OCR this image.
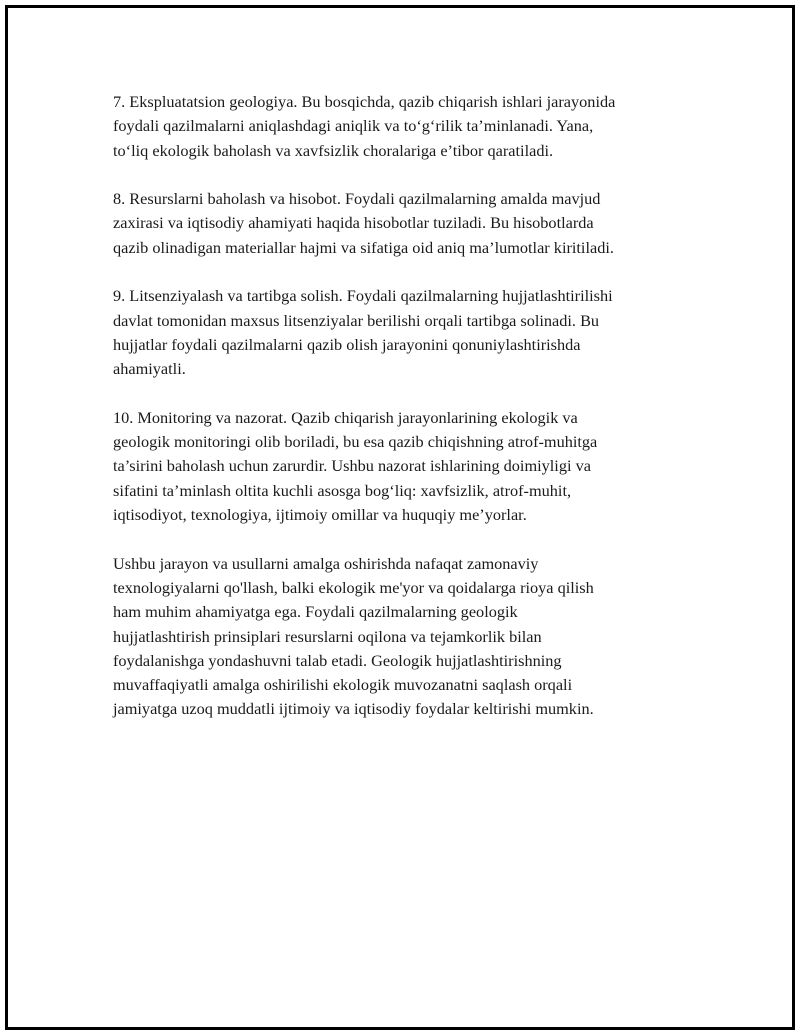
7. Ekspluatatsion geologiya. Bu bosqichda, qazib chiqarish ishlari jarayonida
foydali qazilmalarni aniqlashdagi aniqlik va to‘g‘rilik ta’minlanadi. Yana,
to‘liq ekologik baholash va xavfsizlik choralariga e’tibor qaratiladi.

8. Resurslarni baholash va hisobot. Foydali qazilmalarning amalda mavjud
zaxirasi va iqtisodiy ahamiyati haqida hisobotlar tuziladi. Bu hisobotlarda
qazib olinadigan materiallar hajmi va sifatiga oid aniq ma’lumotlar kiritiladi.

9. Litsenziyalash va tartibga solish. Foydali qazilmalarning hujjatlashtirilishi
davlat tomonidan maxsus litsenziyalar berilishi orqali tartibga solinadi. Bu
hujjatlar foydali qazilmalarni qazib olish jarayonini qonuniylashtirishda
ahamiyatli.

10. Monitoring va nazorat. Qazib chiqarish jarayonlarining ekologik va
geologik monitoringi olib boriladi, bu esa qazib chiqishning atrof-muhitga
ta’sirini baholash uchun zarurdir. Ushbu nazorat ishlarining doimiyligi va
sifatini ta’minlash oltita kuchli asosga bog‘liq: xavfsizlik, atrof-muhit,
iqtisodiyot, texnologiya, ijtimoiy omillar va huquqiy me’yorlar.

Ushbu jarayon va usullarni amalga oshirishda nafaqat zamonaviy
texnologiyalarni qo'llash, balki ekologik me'yor va qoidalarga rioya qilish
ham muhim ahamiyatga ega. Foydali qazilmalarning geologik
hujjatlashtirish prinsiplari resurslarni oqilona va tejamkorlik bilan
foydalanishga yondashuvni talab etadi. Geologik hujjatlashtirishning
muvaffaqiyatli amalga oshirilishi ekologik muvozanatni saqlash orqali
jamiyatga uzoq muddatli ijtimoiy va iqtisodiy foydalar keltirishi mumkin.
